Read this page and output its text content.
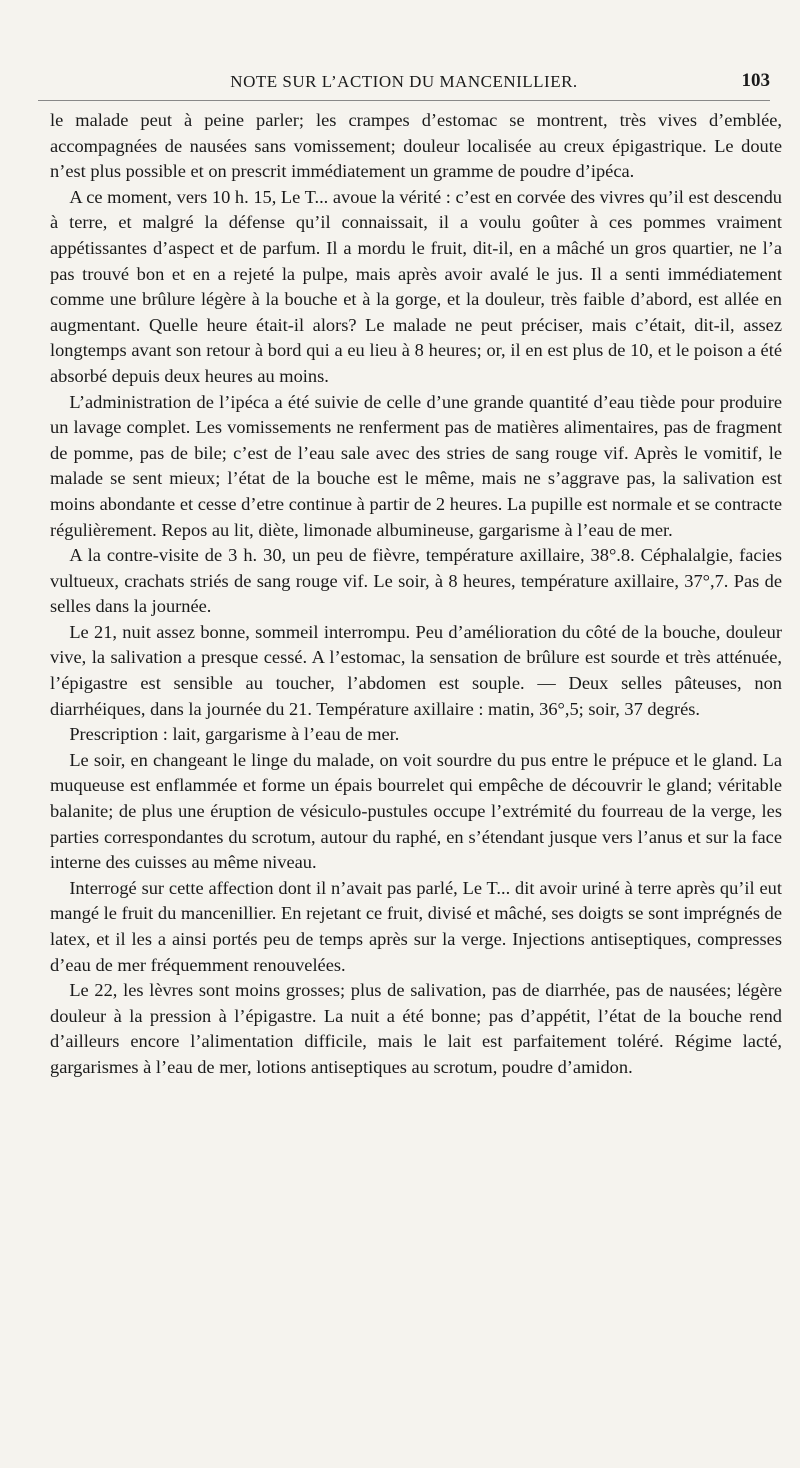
NOTE SUR L’ACTION DU MANCENILLIER.	103

le malade peut à peine parler; les crampes d’estomac se montrent, très vives d’emblée, accompagnées de nausées sans vomissement; douleur localisée au creux épigastrique. Le doute n’est plus possible et on prescrit immédiatement un gramme de poudre d’ipéca.

A ce moment, vers 10 h. 15, Le T... avoue la vérité : c’est en corvée des vivres qu’il est descendu à terre, et malgré la défense qu’il connaissait, il a voulu goûter à ces pommes vraiment appétissantes d’aspect et de parfum. Il a mordu le fruit, dit-il, en a mâché un gros quartier, ne l’a pas trouvé bon et en a rejeté la pulpe, mais après avoir avalé le jus. Il a senti immédiatement comme une brûlure légère à la bouche et à la gorge, et la douleur, très faible d’abord, est allée en augmentant. Quelle heure était-il alors? Le malade ne peut préciser, mais c’était, dit-il, assez longtemps avant son retour à bord qui a eu lieu à 8 heures; or, il en est plus de 10, et le poison a été absorbé depuis deux heures au moins.

L’administration de l’ipéca a été suivie de celle d’une grande quantité d’eau tiède pour produire un lavage complet. Les vomissements ne renferment pas de matières alimentaires, pas de fragment de pomme, pas de bile; c’est de l’eau sale avec des stries de sang rouge vif. Après le vomitif, le malade se sent mieux; l’état de la bouche est le même, mais ne s’aggrave pas, la salivation est moins abondante et cesse d’etre continue à partir de 2 heures. La pupille est normale et se contracte régulièrement. Repos au lit, diète, limonade albumineuse, gargarisme à l’eau de mer.

A la contre-visite de 3 h. 30, un peu de fièvre, température axillaire, 38°.8. Céphalalgie, facies vultueux, crachats striés de sang rouge vif. Le soir, à 8 heures, température axillaire, 37°,7. Pas de selles dans la journée.

Le 21, nuit assez bonne, sommeil interrompu. Peu d’amélioration du côté de la bouche, douleur vive, la salivation a presque cessé. A l’estomac, la sensation de brûlure est sourde et très atténuée, l’épigastre est sensible au toucher, l’abdomen est souple. — Deux selles pâteuses, non diarrhéiques, dans la journée du 21. Température axillaire : matin, 36°,5; soir, 37 degrés.

Prescription : lait, gargarisme à l’eau de mer.

Le soir, en changeant le linge du malade, on voit sourdre du pus entre le prépuce et le gland. La muqueuse est enflammée et forme un épais bourrelet qui empêche de découvrir le gland; véritable balanite; de plus une éruption de vésiculo-pustules occupe l’extrémité du fourreau de la verge, les parties correspondantes du scrotum, autour du raphé, en s’étendant jusque vers l’anus et sur la face interne des cuisses au même niveau.

Interrogé sur cette affection dont il n’avait pas parlé, Le T... dit avoir uriné à terre après qu’il eut mangé le fruit du mancenillier. En rejetant ce fruit, divisé et mâché, ses doigts se sont imprégnés de latex, et il les a ainsi portés peu de temps après sur la verge. Injections antiseptiques, compresses d’eau de mer fréquemment renouvelées.

Le 22, les lèvres sont moins grosses; plus de salivation, pas de diarrhée, pas de nausées; légère douleur à la pression à l’épigastre. La nuit a été bonne; pas d’appétit, l’état de la bouche rend d’ailleurs encore l’alimentation difficile, mais le lait est parfaitement toléré. Régime lacté, gargarismes à l’eau de mer, lotions antiseptiques au scrotum, poudre d’amidon.
